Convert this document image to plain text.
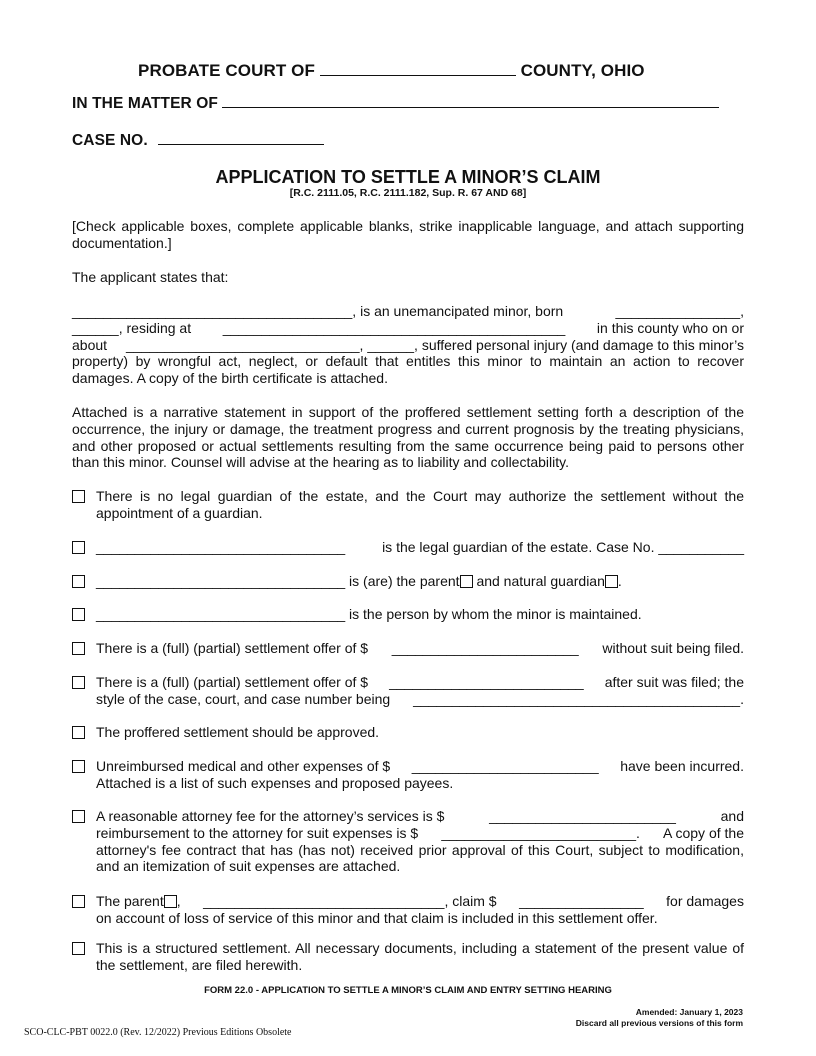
PROBATE COURT OF	COUNTY, OHIO
IN THE MATTER OF
CASE NO.
APPLICATION TO SETTLE A MINOR’S CLAIM
[R.C. 2111.05, R.C. 2111.182, Sup. R. 67 AND 68]
[Check applicable boxes, complete applicable blanks, strike inapplicable language, and attach supporting documentation.]
The applicant states that:
____________________________________, is an unemancipated minor, born	________________,
______, residing at ____________________________________________ in this county who on or
about ______________________________, ______, suffered personal injury (and damage to this minor’s
property) by wrongful act, neglect, or default that entitles this minor to maintain an action to recover damages. A copy of the birth certificate is attached.
Attached is a narrative statement in support of the proffered settlement setting forth a description of the occurrence, the injury or damage, the treatment progress and current prognosis by the treating physicians, and other proposed or actual settlements resulting from the same occurrence being paid to persons other than this minor. Counsel will advise at the hearing as to liability and collectability.
There is no legal guardian of the estate, and the Court may authorize the settlement without the appointment of a guardian.
________________________________	is the legal guardian of the estate. Case No. ___________
________________________________ is (are) the parent and natural guardian .
________________________________ is the person by whom the minor is maintained.
There is a (full) (partial) settlement offer of $ ________________________ without suit being filed.
There is a (full) (partial) settlement offer of $ _________________________ after suit was filed; the
style of the case, court, and case number being __________________________________________.
The proffered settlement should be approved.
Unreimbursed medical and other expenses of $ ________________________ have been incurred.
Attached is a list of such expenses and proposed payees.
A reasonable attorney fee for the attorney’s services is $	________________________	and
reimbursement to the attorney for suit expenses is $ _________________________. A copy of the
attorney's fee contract that has (has not) received prior approval of this Court, subject to modification, and an itemization of suit expenses are attached.
The parent , _______________________________, claim $ ________________ for damages
on account of loss of service of this minor and that claim is included in this settlement offer.
This is a structured settlement. All necessary documents, including a statement of the present value of the settlement, are filed herewith.
FORM 22.0 - APPLICATION TO SETTLE A MINOR’S CLAIM AND ENTRY SETTING HEARING
Amended: January 1, 2023
Discard all previous versions of this form
SCO-CLC-PBT 0022.0 (Rev. 12/2022) Previous Editions Obsolete
